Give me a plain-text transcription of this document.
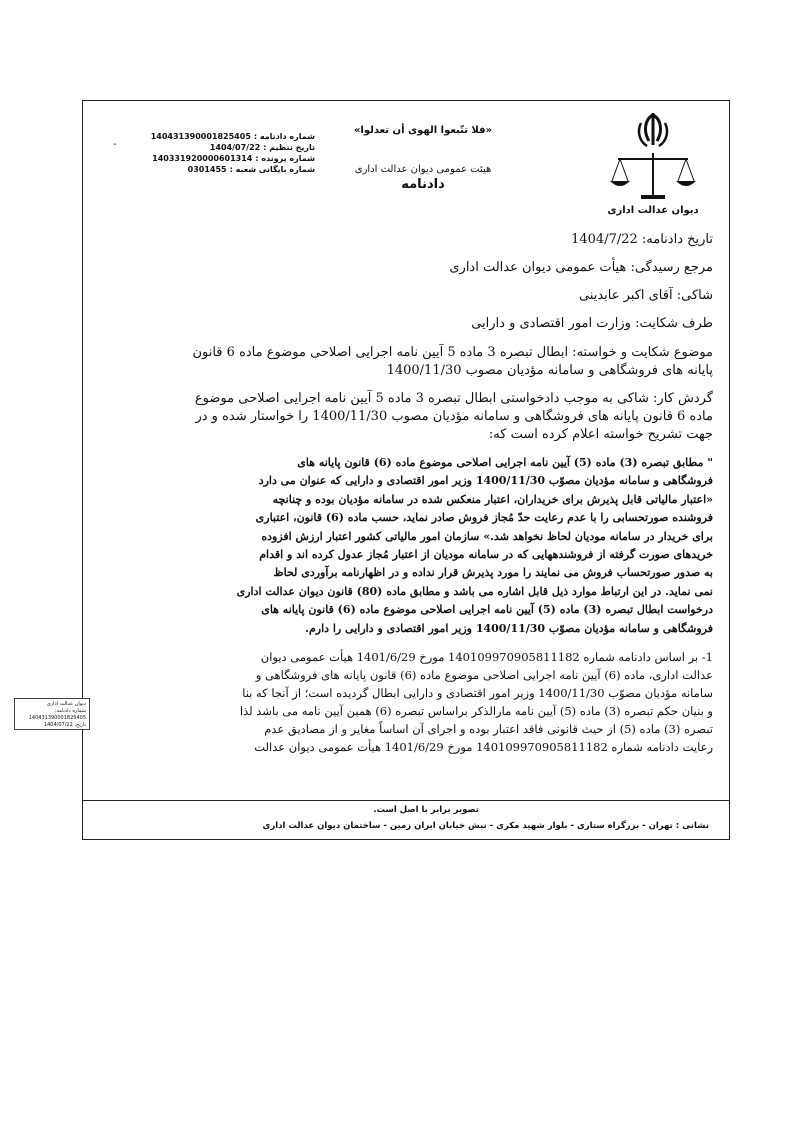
دیوان عدالت اداری
«فلا تتّبعوا الهوى أن تعدلوا»
هیئت عمومی دیوان عدالت اداری
دادنامه
شماره دادنامه :
140431390001825405
تاریخ تنظیم :
1404/07/22
شماره پرونده :
140331920000601314
شماره بایگانی شعبه :
0301455
-

تاریخ دادنامه: 1404/7/22

مرجع رسیدگی: هیأت عمومی دیوان عدالت اداری

شاکی: آقای اکبر عابدینی

طرف شکایت: وزارت امور اقتصادی و دارایی

موضوع شکایت و خواسته: ابطال تبصره 3 ماده 5 آیین نامه اجرایی اصلاحی موضوع ماده 6 قانون

پایانه های فروشگاهی و سامانه مؤدیان مصوب 1400/11/30

گردش کار: شاکی به موجب دادخواستی ابطال تبصره 3 ماده 5 آیین نامه اجرایی اصلاحی موضوع

ماده 6 قانون پایانه های فروشگاهی و سامانه مؤدیان مصوب 1400/11/30 را خواستار شده و در

جهت تشریح خواسته اعلام کرده است که:

" مطابق تبصره (3) ماده (5) آیین نامه اجرایی اصلاحی موضوع ماده (6) قانون پایانه های

فروشگاهی و سامانه مؤدیان مصوّب 1400/11/30 وزیر امور اقتصادی و دارایی که عنوان می دارد

«اعتبار مالیاتی قابل پذیرش برای خریداران، اعتبار منعکس شده در سامانه مؤدیان بوده و چنانچه

فروشنده صورتحسابی را با عدم رعایت حدّ مُجاز فروش صادر نماید، حسب ماده (6) قانون، اعتباری

برای خریدار در سامانه مودیان لحاظ نخواهد شد.» سازمان امور مالیاتی کشور اعتبار ارزش افزوده

خریدهای صورت گرفته از فروشندههایی که در سامانه مودیان از اعتبار مُجاز عدول کرده اند و اقدام

به صدور صورتحساب فروش می نمایند را مورد پذیرش قرار نداده و در اظهارنامه برآوردی لحاظ

نمی نماید. در این ارتباط موارد ذیل قابل اشاره می باشد و مطابق ماده (80) قانون دیوان عدالت اداری

درخواست ابطال تبصره (3) ماده (5) آیین نامه اجرایی اصلاحی موضوع ماده (6) قانون پایانه های

فروشگاهی و سامانه مؤدیان مصوّب 1400/11/30 وزیر امور اقتصادی و دارایی را دارم.

1- بر اساس دادنامه شماره 140109970905811182 مورخ 1401/6/29 هیأت عمومی دیوان

عدالت اداری، ماده (6) آیین نامه اجرایی اصلاحی موضوع ماده (6) قانون پایانه های فروشگاهی و

سامانه مؤدیان مصوّب 1400/11/30 وزیر امور اقتصادی و دارایی ابطال گردیده است؛ از آنجا که بنا

و بنیان حکم تبصره (3) ماده (5) آیین نامه مارالذکر براساس تبصره (6) همین آیین نامه می باشد لذا

تبصره (3) ماده (5) از حیث قانونی فاقد اعتبار بوده و اجرای آن اساساً مغایر و از مصادیق عدم

رعایت دادنامه شماره 140109970905811182 مورخ 1401/6/29 هیأت عمومی دیوان عدالت

تصویر برابر با اصل است.
نشانی : تهران - بزرگراه ستاری - بلوار شهید مکری - نبش خیابان ایران زمین - ساختمان دیوان عدالت اداری
دیوان عدالت اداری
شماره دادنامه: 140431390001825405
تاریخ: 1404/07/22
